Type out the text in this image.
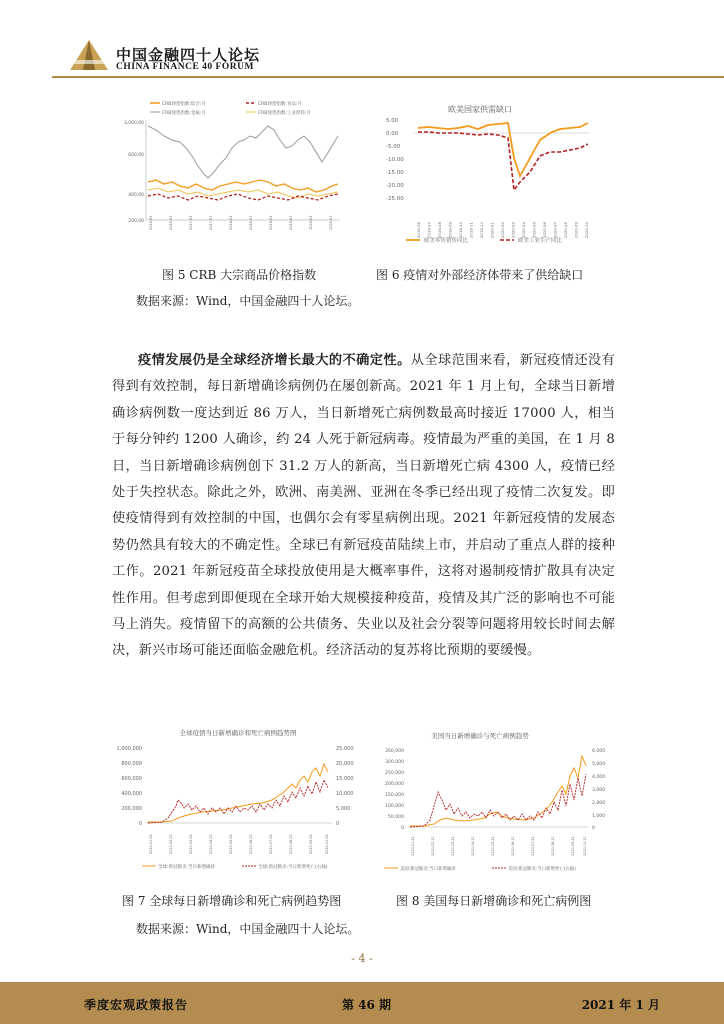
中国金融四十人论坛
CHINA FINANCE 40 FORUM
CRB现货指数:综合:月	CRB现货指数:食品:月
CRB现货指数:金属:月	CRB现货指数:工业原料:月
3,000.00
600.00
400.00
200.00 2016-01	2016-07	2017-01	2017-07	2018-01	2018-07	2019-01	2019-07	2020-01	2020-07
欧美国家供需缺口
5.00
0.00
-5.00
-10.00
-15.00
-20.00
-25.00
2019-06 2019-07 2019-08 2019-09 2019-10 2019-11 2019-12 2020-01 2020-02 2020-03 2020-04 2020-05 2020-06 2020-07 2020-08 2020-09 2020-10
欧美零售销售同比	欧美工业生产同比
图 5 CRB 大宗商品价格指数	图 6 疫情对外部经济体带来了供给缺口
数据来源：Wind，中国金融四十人论坛。
疫情发展仍是全球经济增长最大的不确定性。从全球范围来看，新冠疫情还没有得到有效控制，每日新增确诊病例仍在屡创新高。2021 年 1 月上旬，全球当日新增确诊病例数一度达到近 86 万人，当日新增死亡病例数最高时接近 17000 人，相当于每分钟约 1200 人确诊，约 24 人死于新冠病毒。疫情最为严重的美国，在 1 月 8 日，当日新增确诊病例创下 31.2 万人的新高，当日新增死亡病 4300 人，疫情已经处于失控状态。除此之外，欧洲、南美洲、亚洲在冬季已经出现了疫情二次复发。即使疫情得到有效控制的中国，也偶尔会有零星病例出现。2021 年新冠疫情的发展态势仍然具有较大的不确定性。全球已有新冠疫苗陆续上市，并启动了重点人群的接种工作。2021 年新冠疫苗全球投放使用是大概率事件，这将对遏制疫情扩散具有决定性作用。但考虑到即便现在全球开始大规模接种疫苗，疫情及其广泛的影响也不可能马上消失。疫情留下的高额的公共债务、失业以及社会分裂等问题将用较长时间去解决，新兴市场可能还面临金融危机。经济活动的复苏将比预期的要缓慢。
全球疫情当日新增确诊和死亡病例趋势图
1,000,000
800,000
600,000
400,000
200,000
0
25,000
20,000
15,000
10,000
5,000
0
2020-01-22	2020-02-22	2020-03-22	2020-04-22	2020-05-22	2020-06-22	2020-07-22	2020-08-22	2020-09-22	2020-10-22
全球:新冠肺炎:当日新增确诊	全球:新冠肺炎:当日新增死亡(右轴)
美国当日新增确诊与死亡病例趋势
350,000
300,000
250,000
200,000
150,000
100,000
50,000
0
6,000
5,000
4,000
3,000
2,000
1,000
0
2020-01-21	2020-02-21	2020-03-21	2020-04-21	2020-05-21	2020-06-21	2020-07-21	2020-08-21	2020-09-21 2020-10-21
美国:新冠肺炎:当日新增确诊	美国:新冠肺炎:当日新增死亡(右轴)
图 7 全球每日新增确诊和死亡病例趋势图	图 8 美国每日新增确诊和死亡病例图
数据来源：Wind，中国金融四十人论坛。
- 4 -
季度宏观政策报告	第 46 期	2021 年 1 月
